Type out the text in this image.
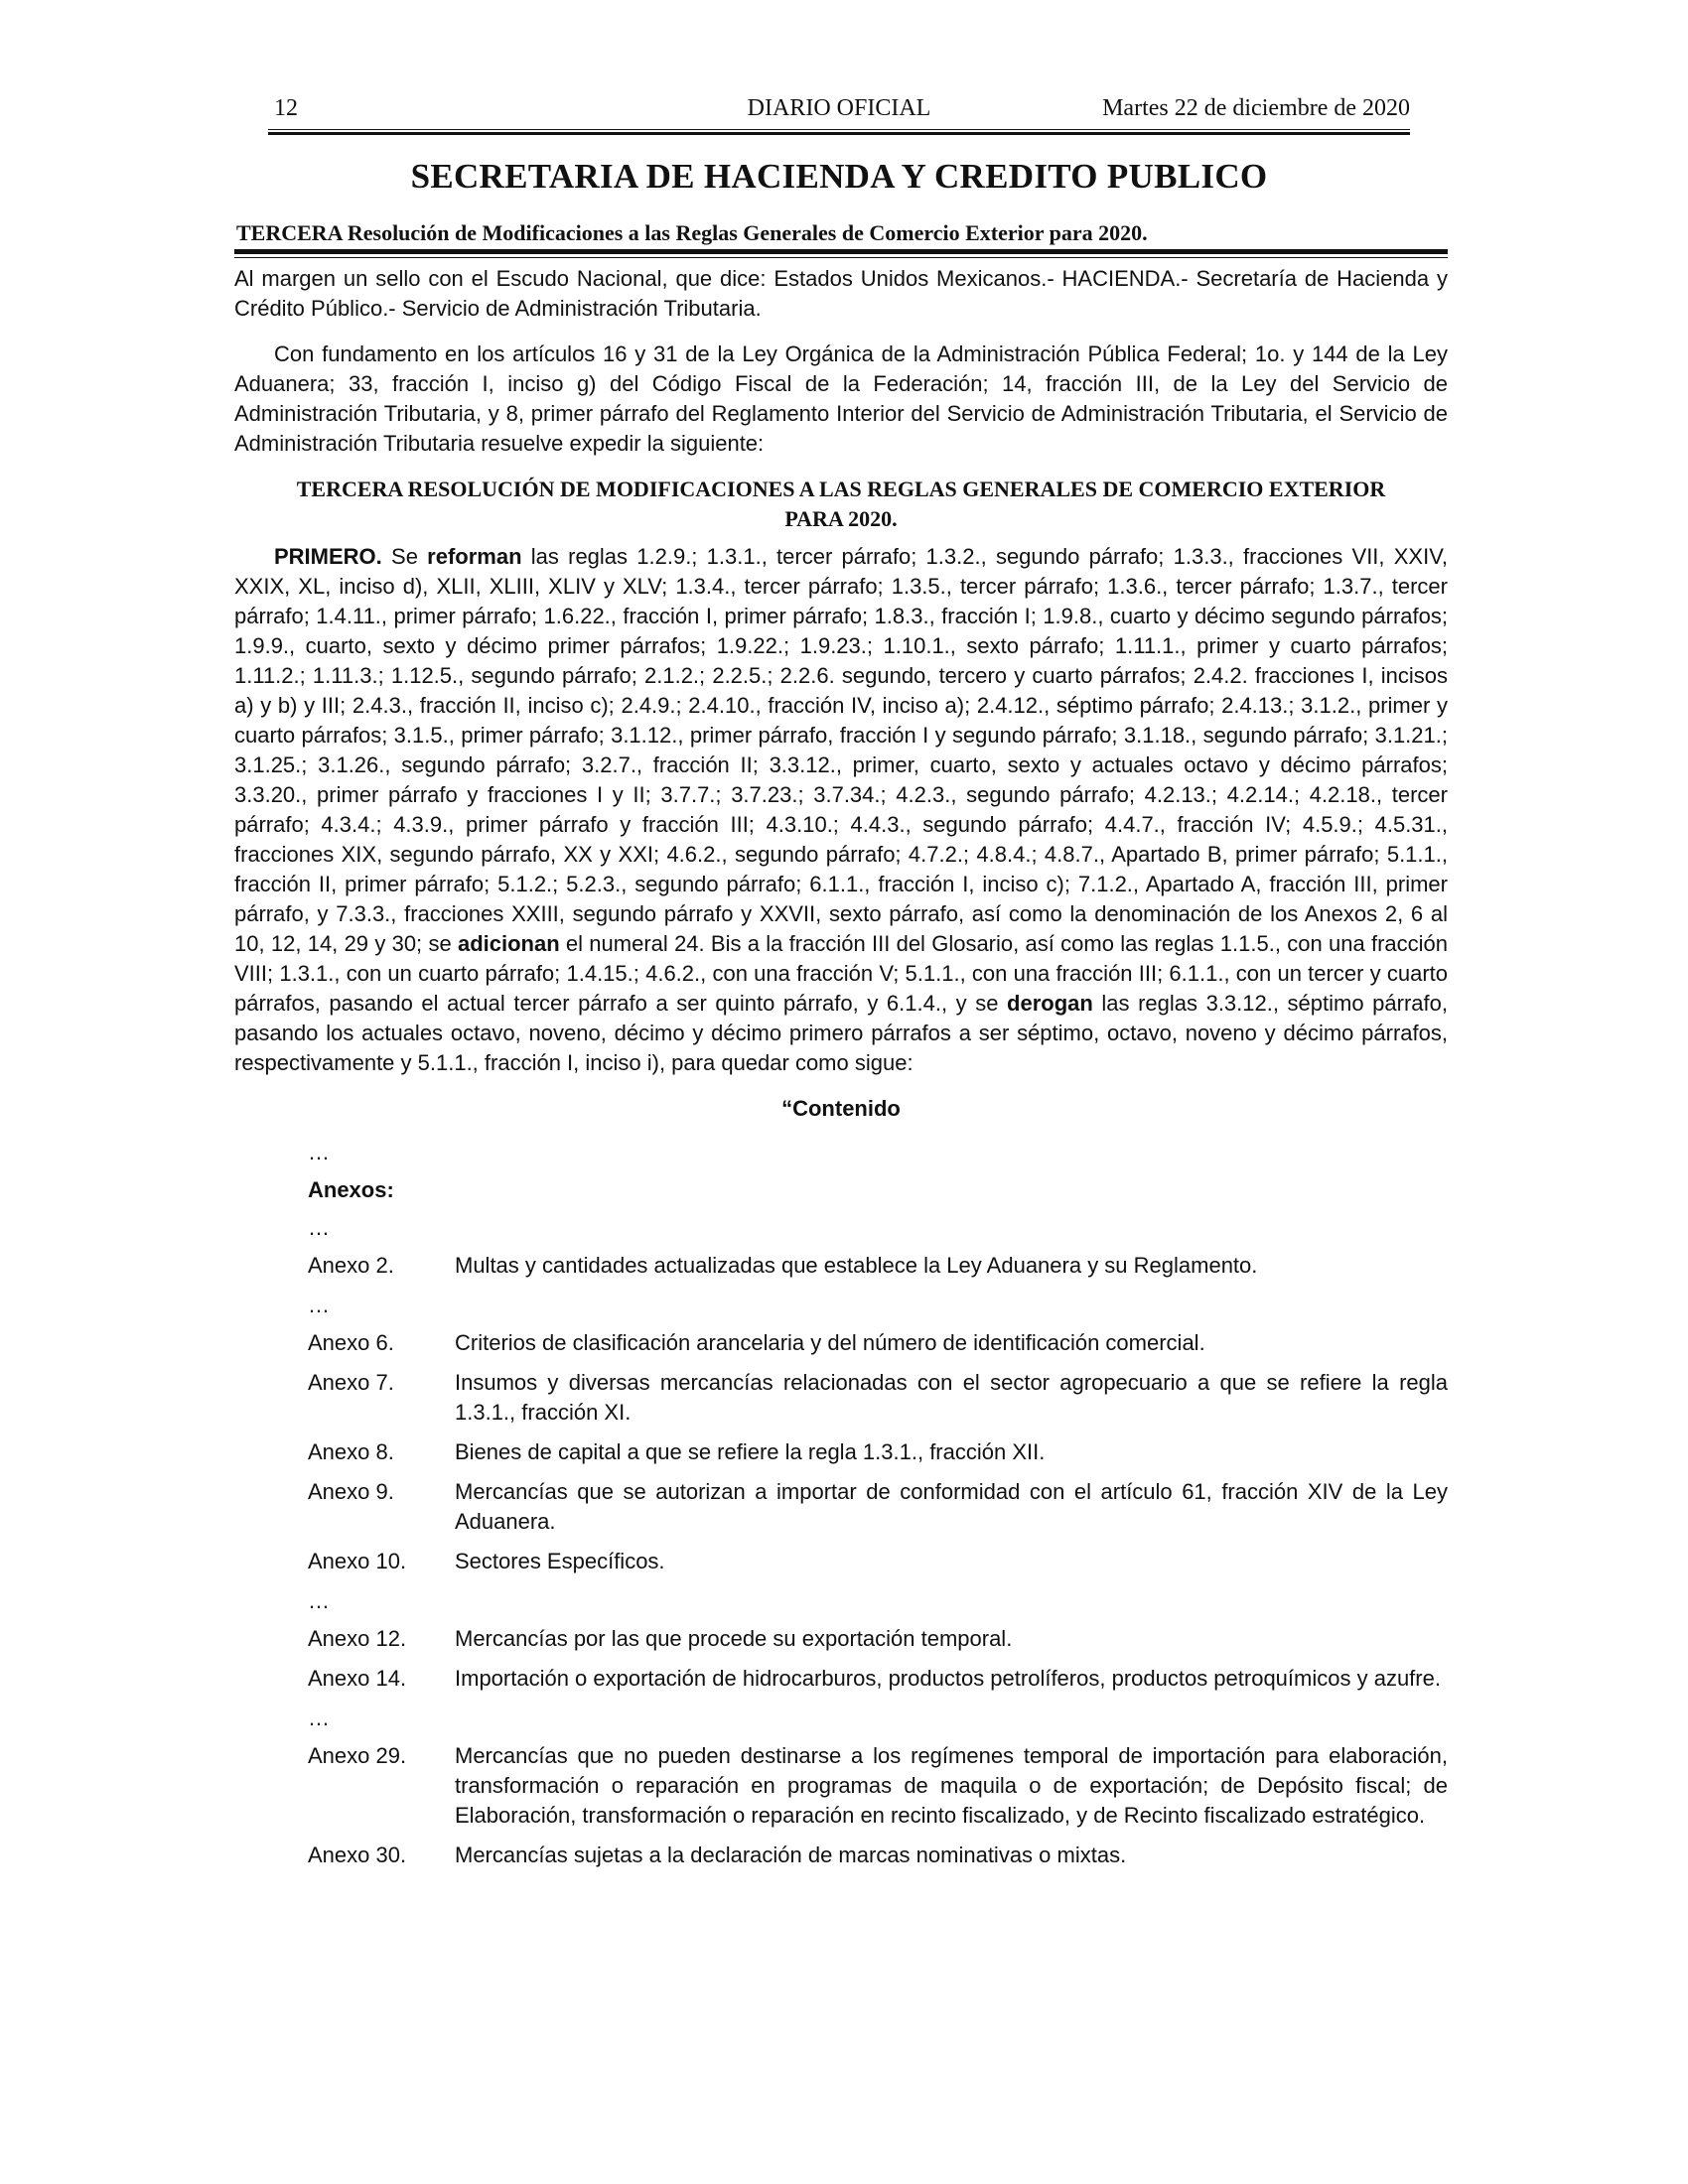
12	DIARIO OFICIAL	Martes 22 de diciembre de 2020
SECRETARIA DE HACIENDA Y CREDITO PUBLICO
TERCERA Resolución de Modificaciones a las Reglas Generales de Comercio Exterior para 2020.

Al margen un sello con el Escudo Nacional, que dice: Estados Unidos Mexicanos.- HACIENDA.- Secretaría de Hacienda y Crédito Público.- Servicio de Administración Tributaria.

Con fundamento en los artículos 16 y 31 de la Ley Orgánica de la Administración Pública Federal; 1o. y 144 de la Ley Aduanera; 33, fracción I, inciso g) del Código Fiscal de la Federación; 14, fracción III, de la Ley del Servicio de Administración Tributaria, y 8, primer párrafo del Reglamento Interior del Servicio de Administración Tributaria, el Servicio de Administración Tributaria resuelve expedir la siguiente:

TERCERA RESOLUCIÓN DE MODIFICACIONES A LAS REGLAS GENERALES DE COMERCIO EXTERIOR PARA 2020.

PRIMERO. Se reforman las reglas 1.2.9.; 1.3.1., tercer párrafo; 1.3.2., segundo párrafo; 1.3.3., fracciones VII, XXIV, XXIX, XL, inciso d), XLII, XLIII, XLIV y XLV; 1.3.4., tercer párrafo; 1.3.5., tercer párrafo; 1.3.6., tercer párrafo; 1.3.7., tercer párrafo; 1.4.11., primer párrafo; 1.6.22., fracción I, primer párrafo; 1.8.3., fracción I; 1.9.8., cuarto y décimo segundo párrafos; 1.9.9., cuarto, sexto y décimo primer párrafos; 1.9.22.; 1.9.23.; 1.10.1., sexto párrafo; 1.11.1., primer y cuarto párrafos; 1.11.2.; 1.11.3.; 1.12.5., segundo párrafo; 2.1.2.; 2.2.5.; 2.2.6. segundo, tercero y cuarto párrafos; 2.4.2. fracciones I, incisos a) y b) y III; 2.4.3., fracción II, inciso c); 2.4.9.; 2.4.10., fracción IV, inciso a); 2.4.12., séptimo párrafo; 2.4.13.; 3.1.2., primer y cuarto párrafos; 3.1.5., primer párrafo; 3.1.12., primer párrafo, fracción I y segundo párrafo; 3.1.18., segundo párrafo; 3.1.21.; 3.1.25.; 3.1.26., segundo párrafo; 3.2.7., fracción II; 3.3.12., primer, cuarto, sexto y actuales octavo y décimo párrafos; 3.3.20., primer párrafo y fracciones I y II; 3.7.7.; 3.7.23.; 3.7.34.; 4.2.3., segundo párrafo; 4.2.13.; 4.2.14.; 4.2.18., tercer párrafo; 4.3.4.; 4.3.9., primer párrafo y fracción III; 4.3.10.; 4.4.3., segundo párrafo; 4.4.7., fracción IV; 4.5.9.; 4.5.31., fracciones XIX, segundo párrafo, XX y XXI; 4.6.2., segundo párrafo; 4.7.2.; 4.8.4.; 4.8.7., Apartado B, primer párrafo; 5.1.1., fracción II, primer párrafo; 5.1.2.; 5.2.3., segundo párrafo; 6.1.1., fracción I, inciso c); 7.1.2., Apartado A, fracción III, primer párrafo, y 7.3.3., fracciones XXIII, segundo párrafo y XXVII, sexto párrafo, así como la denominación de los Anexos 2, 6 al 10, 12, 14, 29 y 30; se adicionan el numeral 24. Bis a la fracción III del Glosario, así como las reglas 1.1.5., con una fracción VIII; 1.3.1., con un cuarto párrafo; 1.4.15.; 4.6.2., con una fracción V; 5.1.1., con una fracción III; 6.1.1., con un tercer y cuarto párrafos, pasando el actual tercer párrafo a ser quinto párrafo, y 6.1.4., y se derogan las reglas 3.3.12., séptimo párrafo, pasando los actuales octavo, noveno, décimo y décimo primero párrafos a ser séptimo, octavo, noveno y décimo párrafos, respectivamente y 5.1.1., fracción I, inciso i), para quedar como sigue:

“Contenido

…
Anexos:
…
Anexo 2.	Multas y cantidades actualizadas que establece la Ley Aduanera y su Reglamento.
…
Anexo 6.	Criterios de clasificación arancelaria y del número de identificación comercial.
Anexo 7.	Insumos y diversas mercancías relacionadas con el sector agropecuario a que se refiere la regla 1.3.1., fracción XI.
Anexo 8.	Bienes de capital a que se refiere la regla 1.3.1., fracción XII.
Anexo 9.	Mercancías que se autorizan a importar de conformidad con el artículo 61, fracción XIV de la Ley Aduanera.
Anexo 10.	Sectores Específicos.
…
Anexo 12.	Mercancías por las que procede su exportación temporal.
Anexo 14.	Importación o exportación de hidrocarburos, productos petrolíferos, productos petroquímicos y azufre.
…
Anexo 29.	Mercancías que no pueden destinarse a los regímenes temporal de importación para elaboración, transformación o reparación en programas de maquila o de exportación; de Depósito fiscal; de Elaboración, transformación o reparación en recinto fiscalizado, y de Recinto fiscalizado estratégico.
Anexo 30.	Mercancías sujetas a la declaración de marcas nominativas o mixtas.
